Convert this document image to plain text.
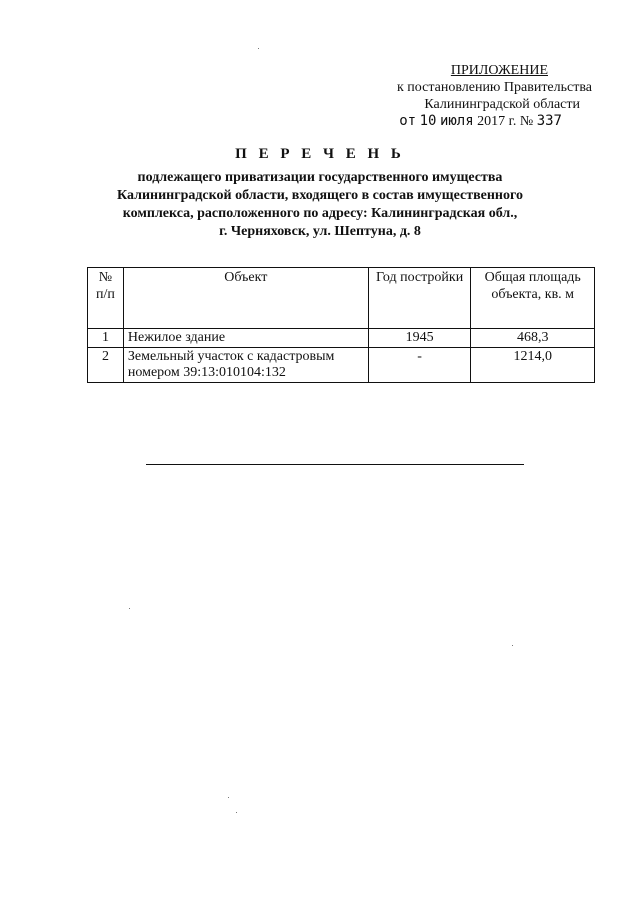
ПРИЛОЖЕНИЕ
к постановлению Правительства
Калининградской области
от 10 июля 2017 г. № 337
П Е Р Е Ч Е Н Ь
подлежащего приватизации государственного имущества
Калининградской области, входящего в состав имущественного
комплекса, расположенного по адресу: Калининградская обл.,
г. Черняховск, ул. Шептуна, д. 8
№ п/п	Объект	Год постройки	Общая площадь объекта, кв. м
1	Нежилое здание	1945	468,3
2	Земельный участок с кадастровым номером 39:13:010104:132	-	1214,0
